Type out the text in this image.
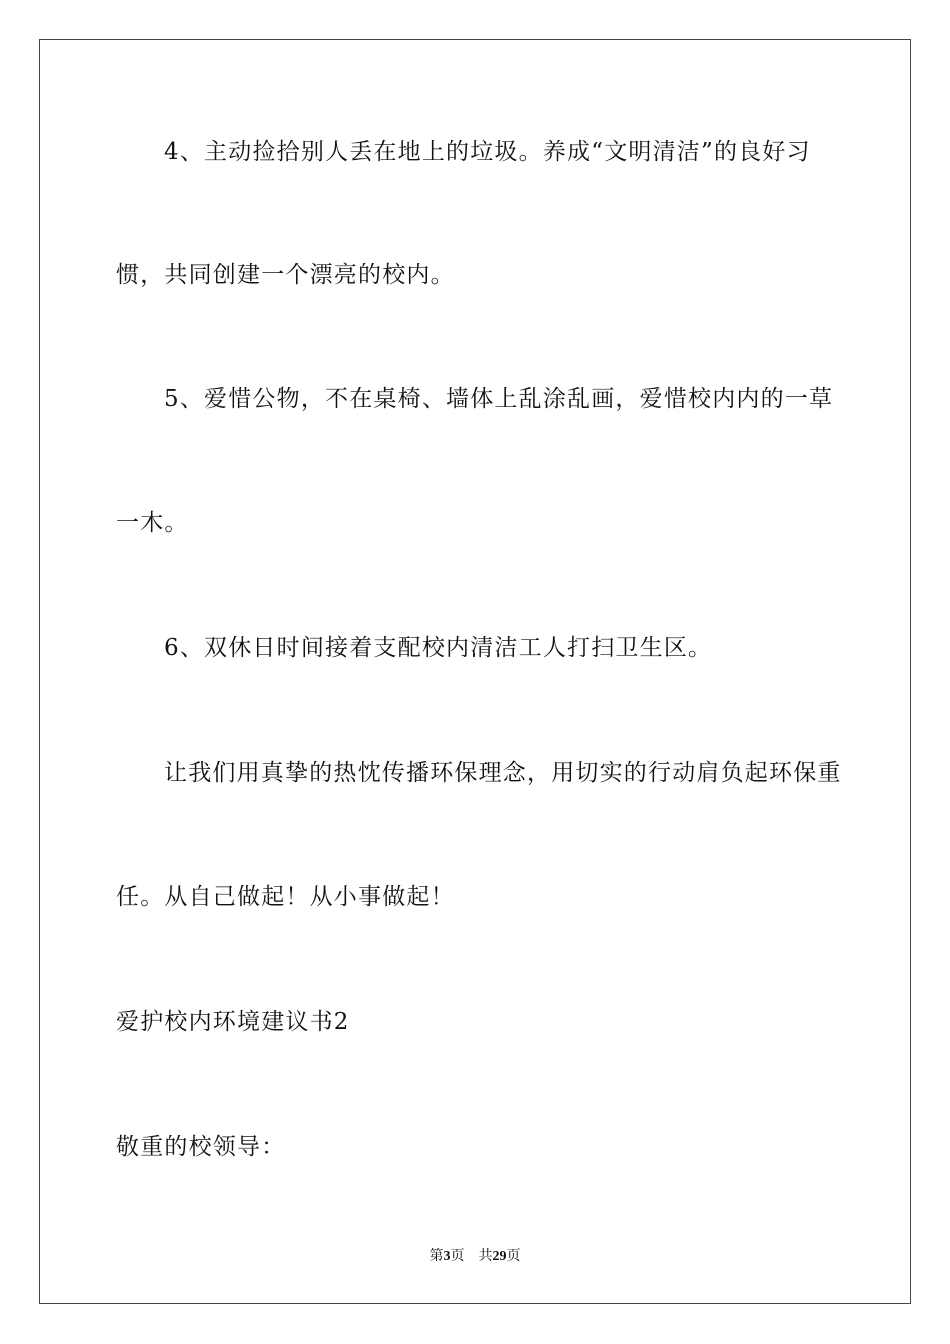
4、主动捡拾别人丢在地上的垃圾。养成“文明清洁”的良好习
惯，共同创建一个漂亮的校内。
5、爱惜公物，不在桌椅、墙体上乱涂乱画，爱惜校内内的一草
一木。
6、双休日时间接着支配校内清洁工人打扫卫生区。
让我们用真挚的热忱传播环保理念，用切实的行动肩负起环保重
任。从自己做起！从小事做起！
爱护校内环境建议书2
敬重的校领导：
第3页 共29页
